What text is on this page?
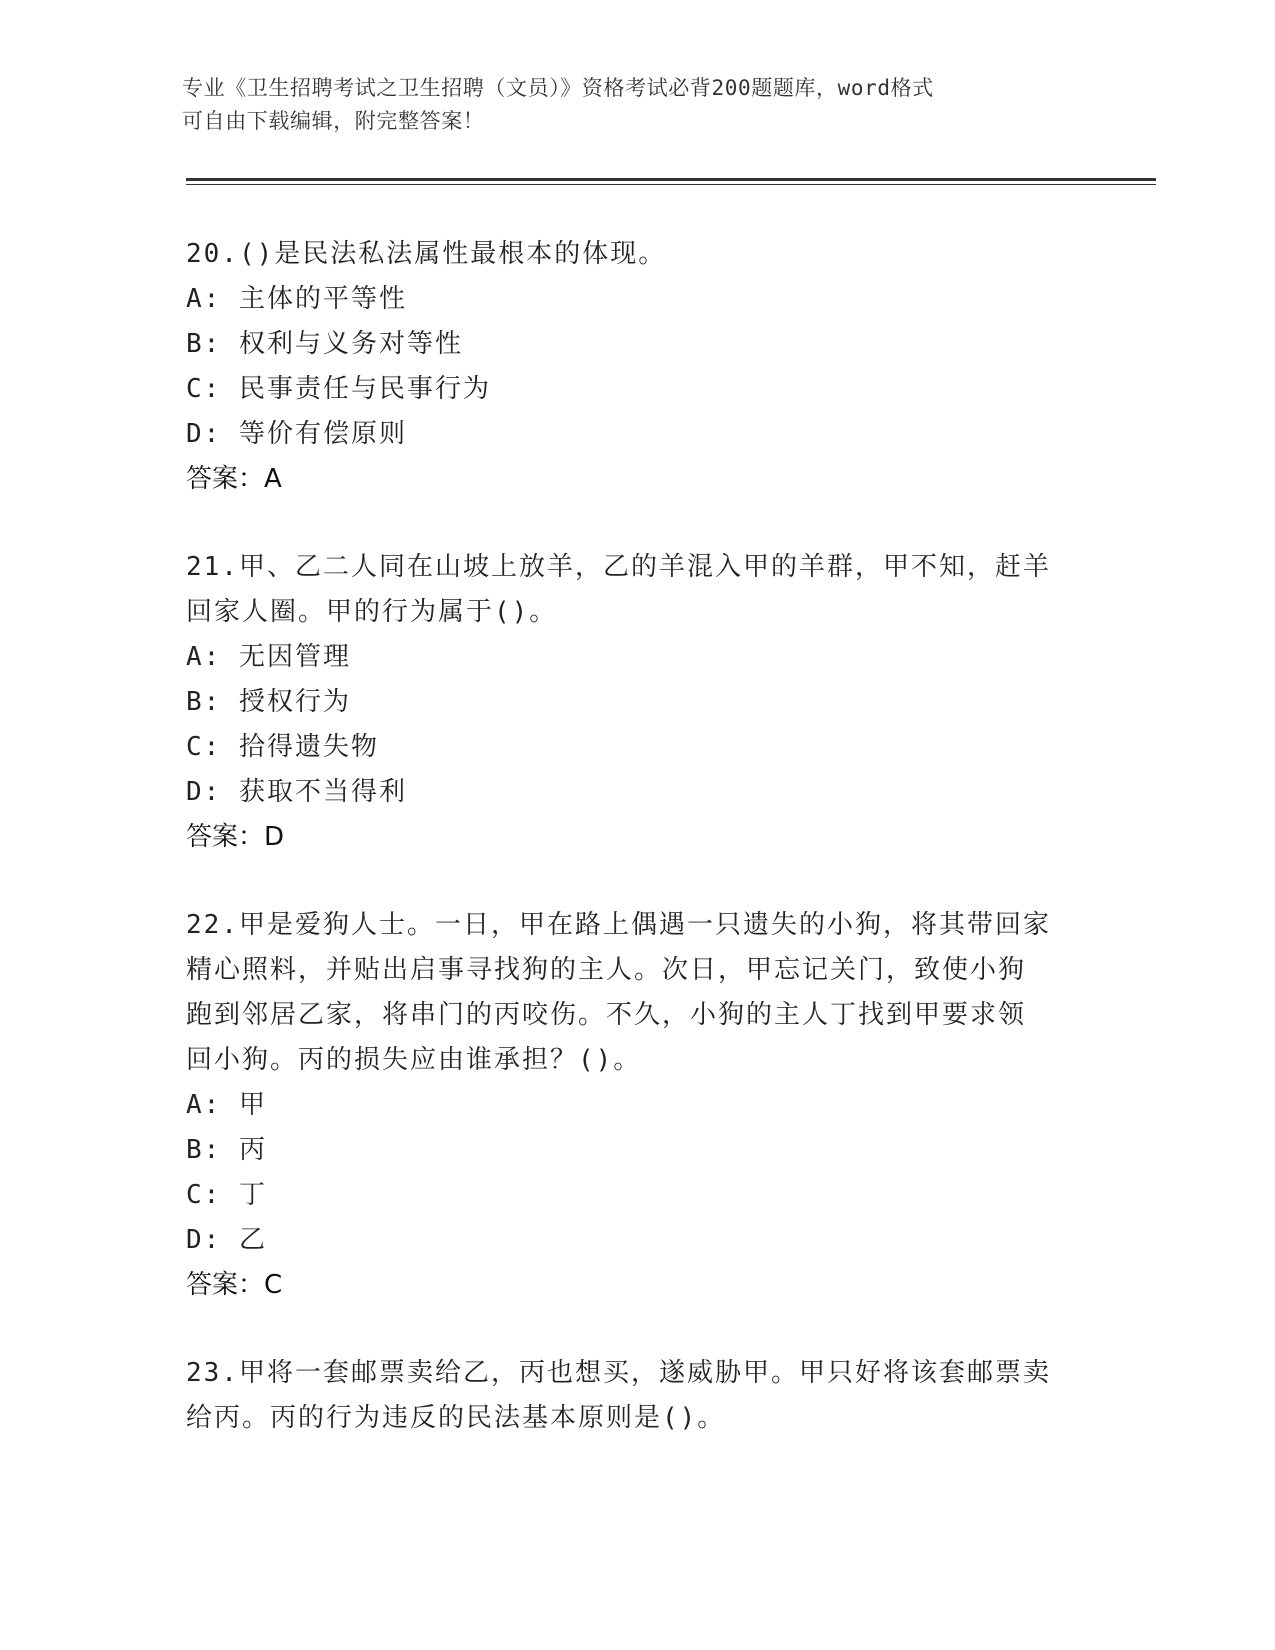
专业《卫生招聘考试之卫生招聘（文员）》资格考试必背200题题库，word格式
可自由下载编辑，附完整答案！
20.()是民法私法属性最根本的体现。
A: 主体的平等性
B: 权利与义务对等性
C: 民事责任与民事行为
D: 等价有偿原则
答案：A
21.甲、乙二人同在山坡上放羊，乙的羊混入甲的羊群，甲不知，赶羊
回家人圈。甲的行为属于()。
A: 无因管理
B: 授权行为
C: 拾得遗失物
D: 获取不当得利
答案：D
22.甲是爱狗人士。一日，甲在路上偶遇一只遗失的小狗，将其带回家
精心照料，并贴出启事寻找狗的主人。次日，甲忘记关门，致使小狗
跑到邻居乙家，将串门的丙咬伤。不久，小狗的主人丁找到甲要求领
回小狗。丙的损失应由谁承担？()。
A: 甲
B: 丙
C: 丁
D: 乙
答案：C
23.甲将一套邮票卖给乙，丙也想买，遂威胁甲。甲只好将该套邮票卖
给丙。丙的行为违反的民法基本原则是()。
